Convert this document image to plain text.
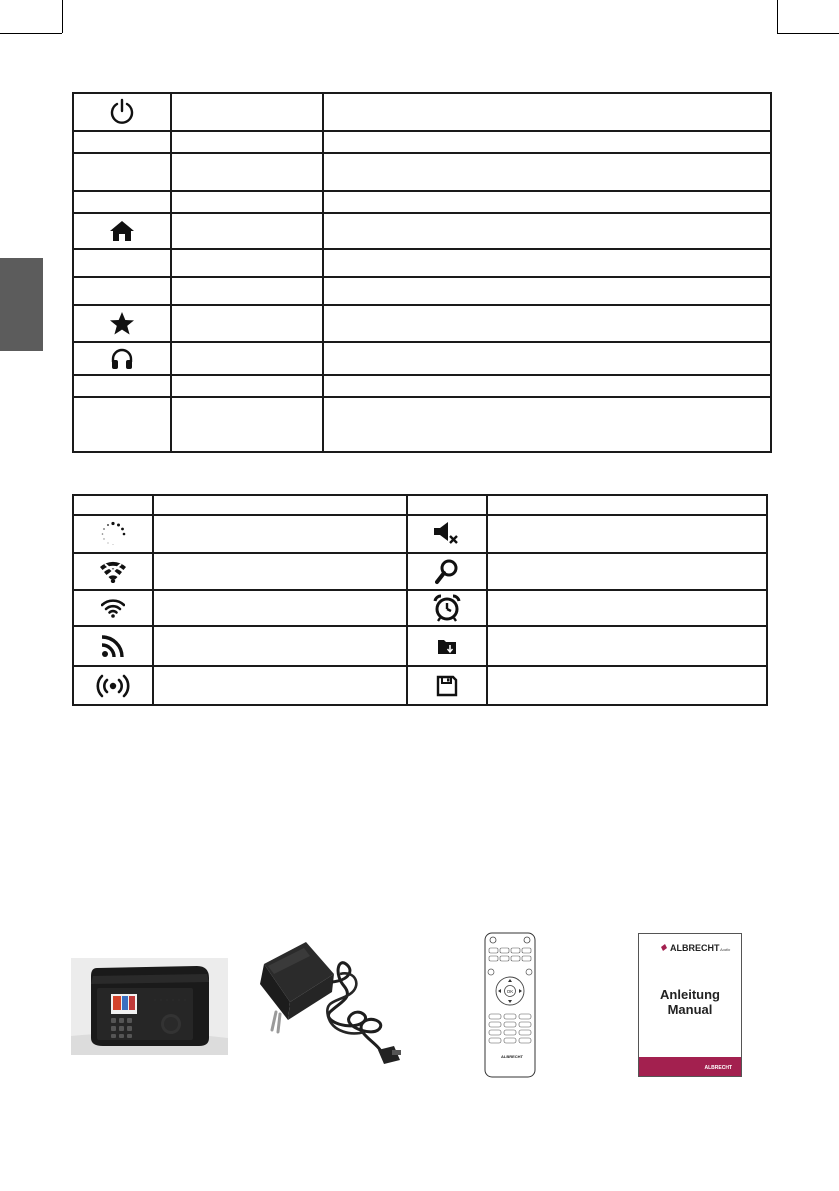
OK
ALBRECHT
ALBRECHT Audio
Anleitung
Manual
ALBRECHT
